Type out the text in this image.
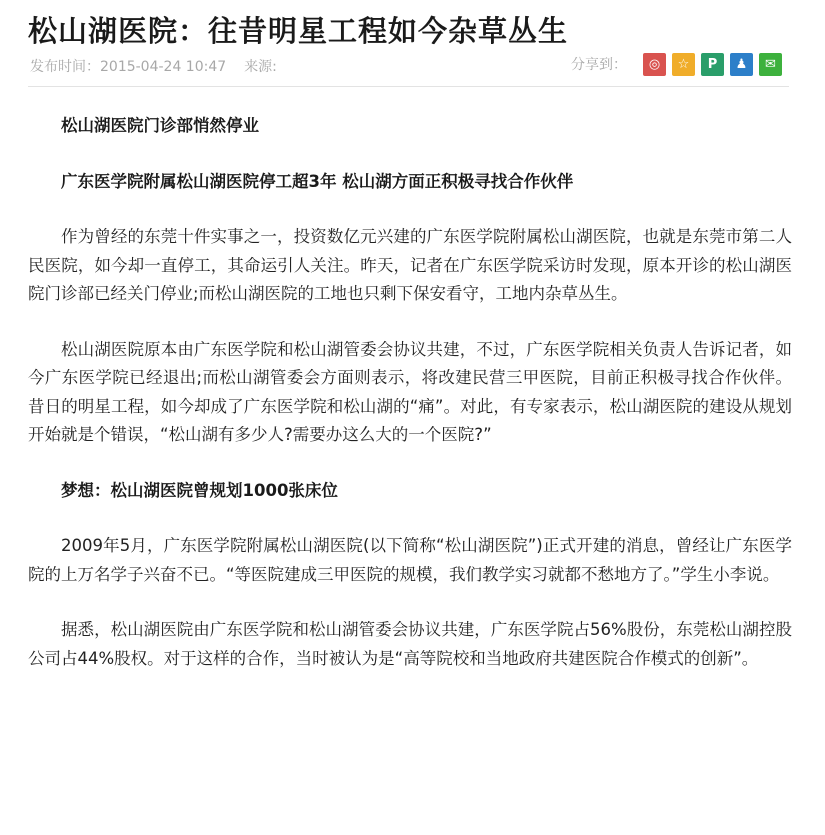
松山湖医院：往昔明星工程如今杂草丛生
发布时间：2015-04-24 10:47 来源:	分享到：	◎	☆	P	♟	✉

松山湖医院门诊部悄然停业

广东医学院附属松山湖医院停工超3年 松山湖方面正积极寻找合作伙伴

作为曾经的东莞十件实事之一，投资数亿元兴建的广东医学院附属松山湖医院，也就是东莞市第二人民医院，如今却一直停工，其命运引人关注。昨天，记者在广东医学院采访时发现，原本开诊的松山湖医院门诊部已经关门停业;而松山湖医院的工地也只剩下保安看守，工地内杂草丛生。

松山湖医院原本由广东医学院和松山湖管委会协议共建，不过，广东医学院相关负责人告诉记者，如今广东医学院已经退出;而松山湖管委会方面则表示，将改建民营三甲医院，目前正积极寻找合作伙伴。昔日的明星工程，如今却成了广东医学院和松山湖的“痛”。对此，有专家表示，松山湖医院的建设从规划开始就是个错误，“松山湖有多少人?需要办这么大的一个医院?”

梦想：松山湖医院曾规划1000张床位

2009年5月，广东医学院附属松山湖医院(以下简称“松山湖医院”)正式开建的消息，曾经让广东医学院的上万名学子兴奋不已。“等医院建成三甲医院的规模，我们教学实习就都不愁地方了。”学生小李说。

据悉，松山湖医院由广东医学院和松山湖管委会协议共建，广东医学院占56%股份，东莞松山湖控股公司占44%股权。对于这样的合作，当时被认为是“高等院校和当地政府共建医院合作模式的创新”。
